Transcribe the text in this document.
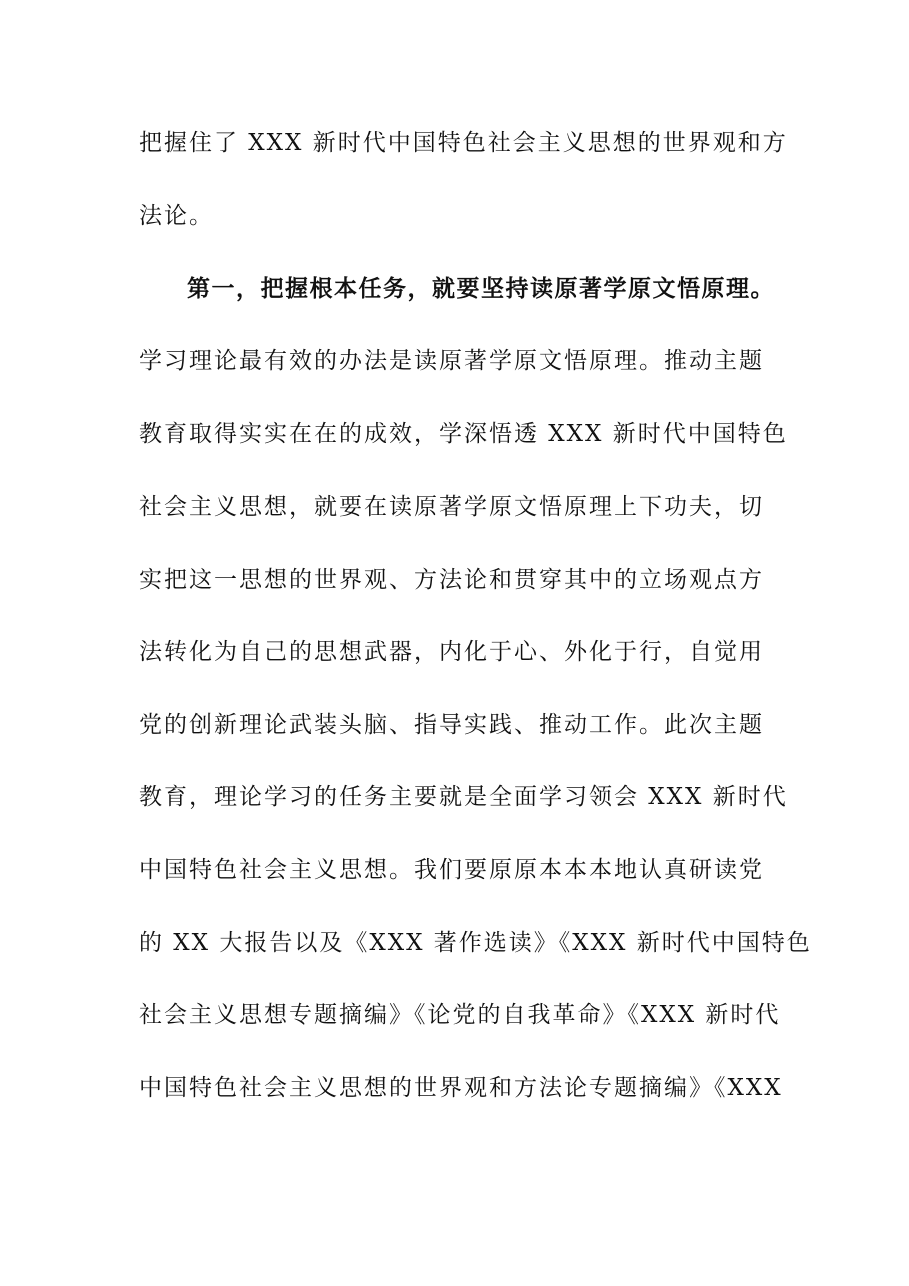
把握住了 XXX 新时代中国特色社会主义思想的世界观和方
法论。
第一，把握根本任务，就要坚持读原著学原文悟原理。
学习理论最有效的办法是读原著学原文悟原理。推动主题
教育取得实实在在的成效，学深悟透 XXX 新时代中国特色
社会主义思想，就要在读原著学原文悟原理上下功夫，切
实把这一思想的世界观、方法论和贯穿其中的立场观点方
法转化为自己的思想武器，内化于心、外化于行，自觉用
党的创新理论武装头脑、指导实践、推动工作。此次主题
教育，理论学习的任务主要就是全面学习领会 XXX 新时代
中国特色社会主义思想。我们要原原本本本地认真研读党
的 XX 大报告以及《XXX 著作选读》《XXX 新时代中国特色
社会主义思想专题摘编》《论党的自我革命》《XXX 新时代
中国特色社会主义思想的世界观和方法论专题摘编》《XXX
